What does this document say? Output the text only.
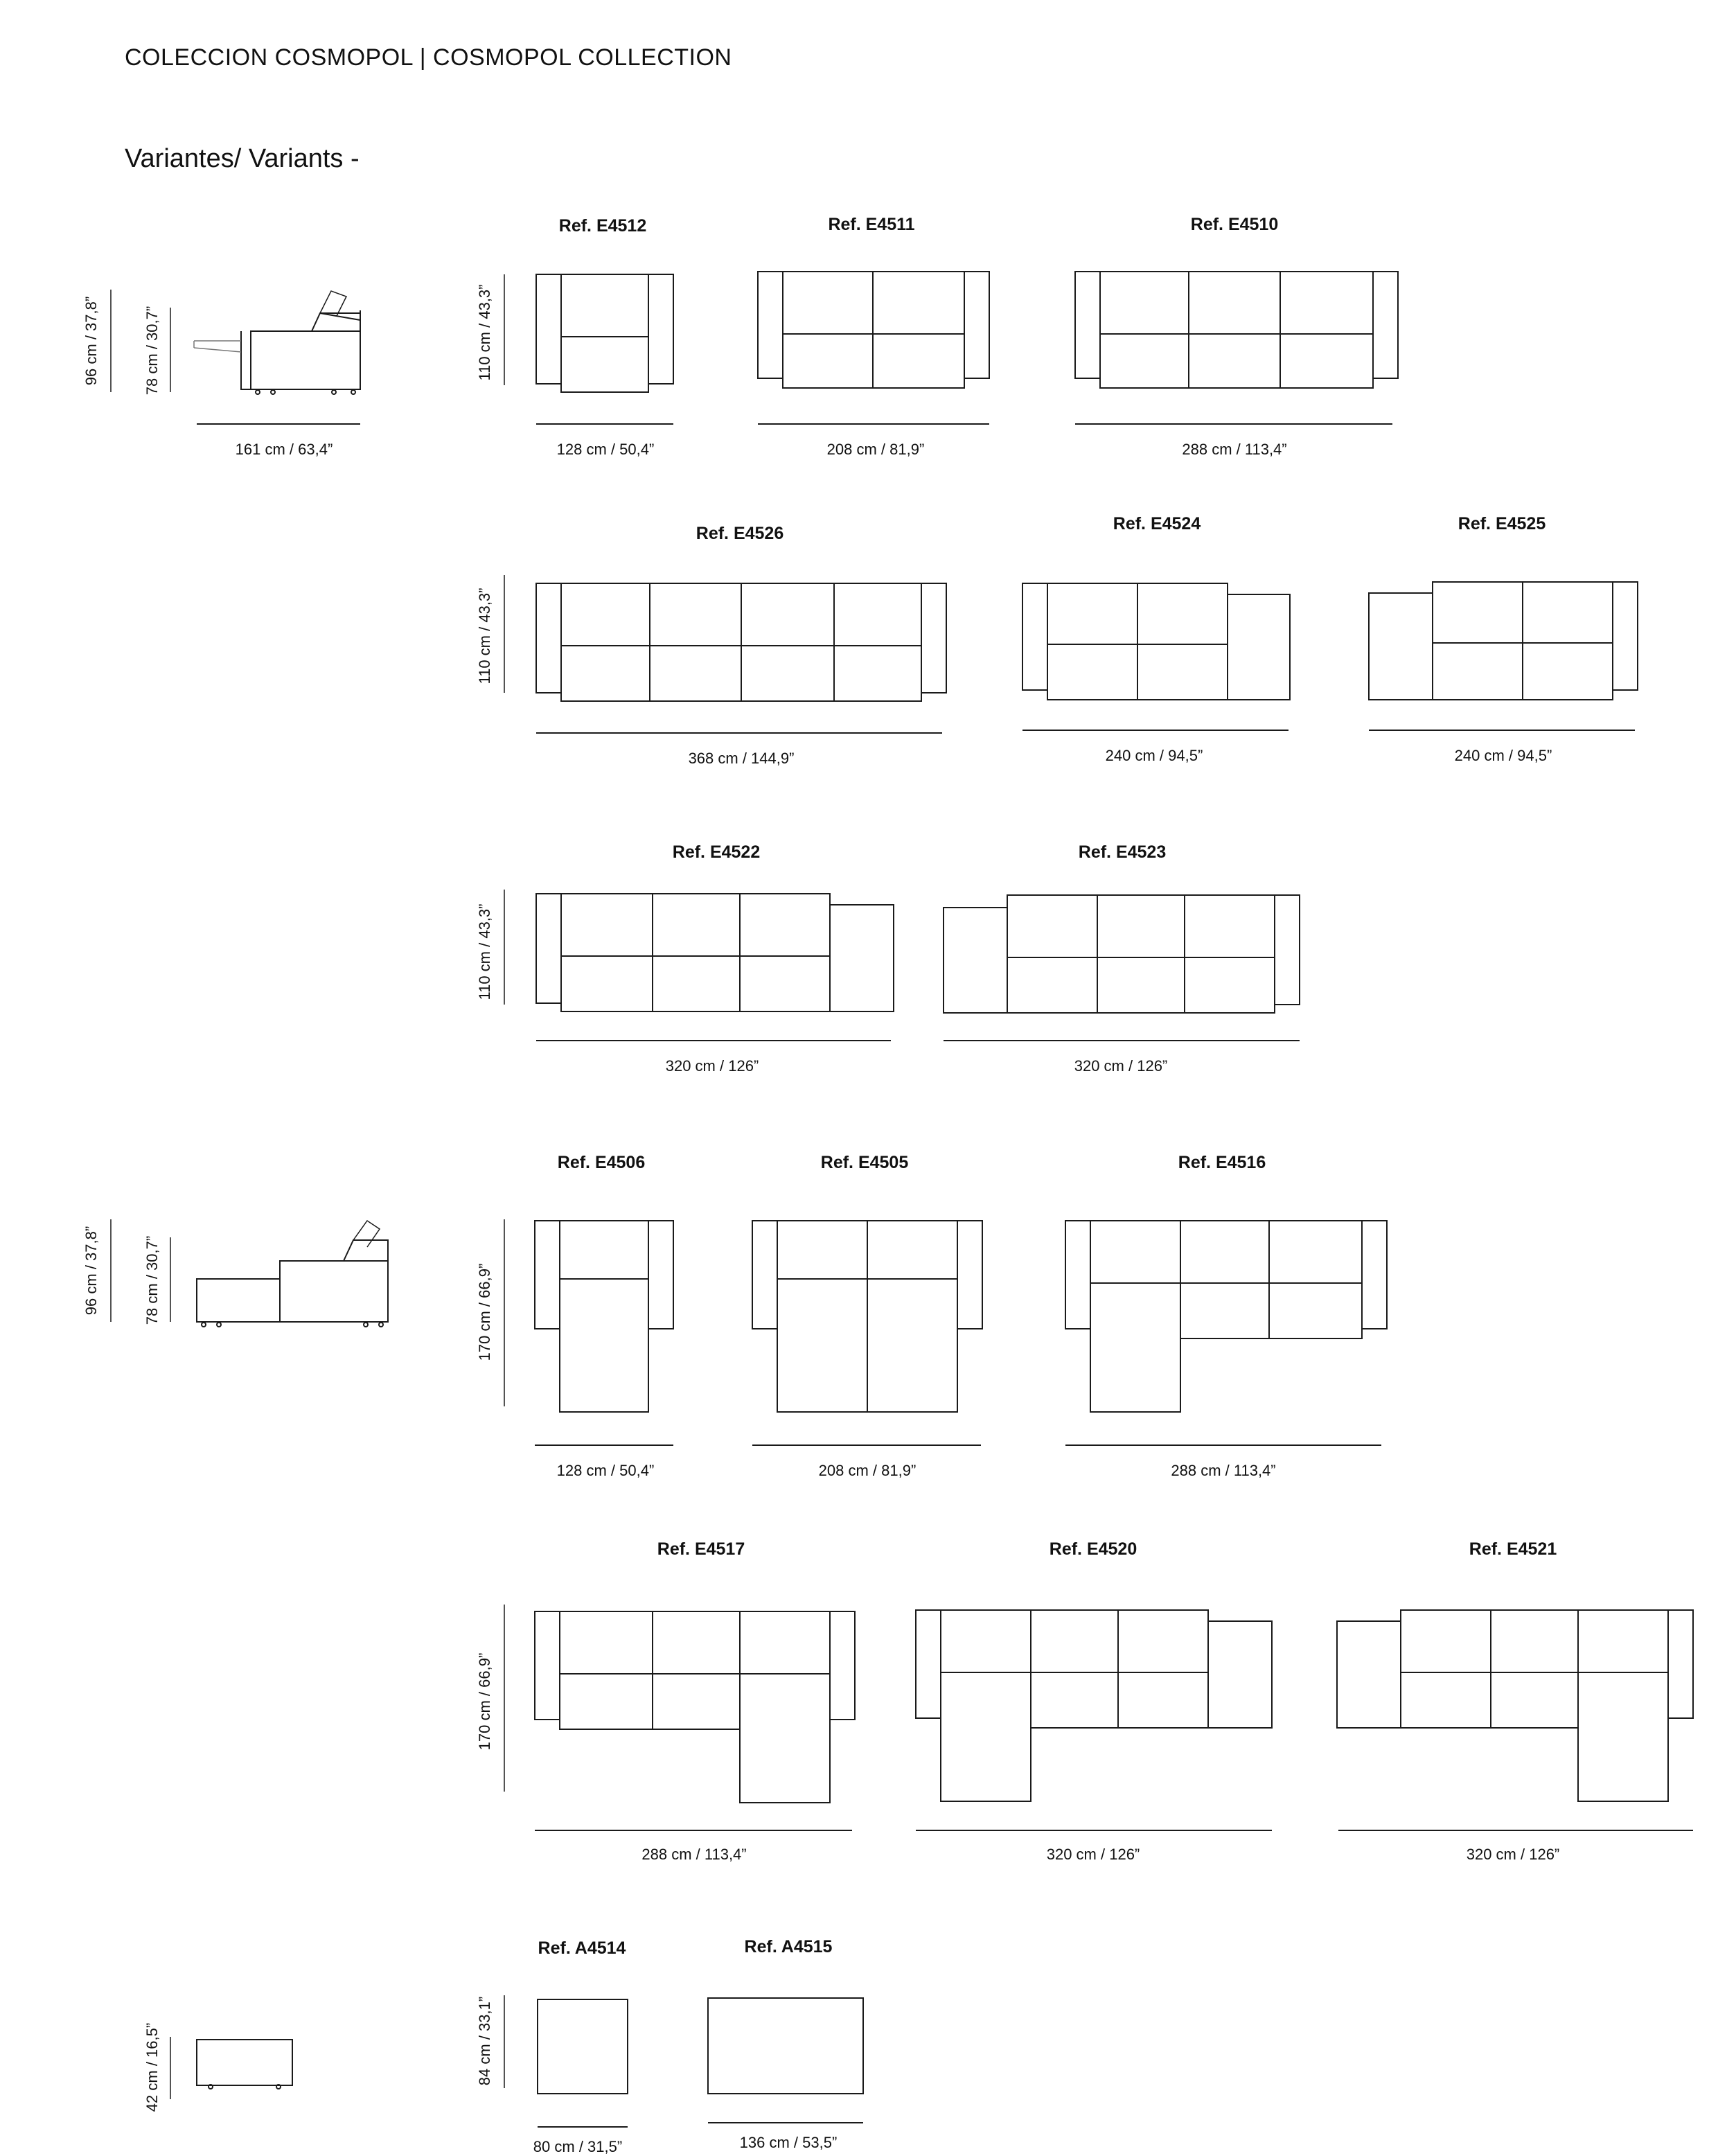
COLECCION COSMOPOL | COSMOPOL COLLECTION
Variantes/ Variants -
96 cm / 37,8”	78 cm / 30,7”
161 cm / 63,4”
96 cm / 37,8”	78 cm / 30,7”
42 cm / 16,5”
110 cm / 43,3”
110 cm / 43,3”
110 cm / 43,3”
170 cm / 66,9”
170 cm / 66,9”
84 cm / 33,1”
Ref. E4512	Ref. E4511	Ref. E4510
Ref. E4526	Ref. E4524	Ref. E4525
Ref. E4522	Ref. E4523
Ref. E4506	Ref. E4505	Ref. E4516
Ref. E4517	Ref. E4520	Ref. E4521
Ref. A4514	Ref. A4515
128 cm / 50,4”	208 cm / 81,9”	288 cm / 113,4”
368 cm / 144,9”	240 cm / 94,5”	240 cm / 94,5”
320 cm / 126”	320 cm / 126”
128 cm / 50,4”	208 cm / 81,9”	288 cm / 113,4”
288 cm / 113,4”	320 cm / 126”	320 cm / 126”
80 cm / 31,5”	136 cm / 53,5”
